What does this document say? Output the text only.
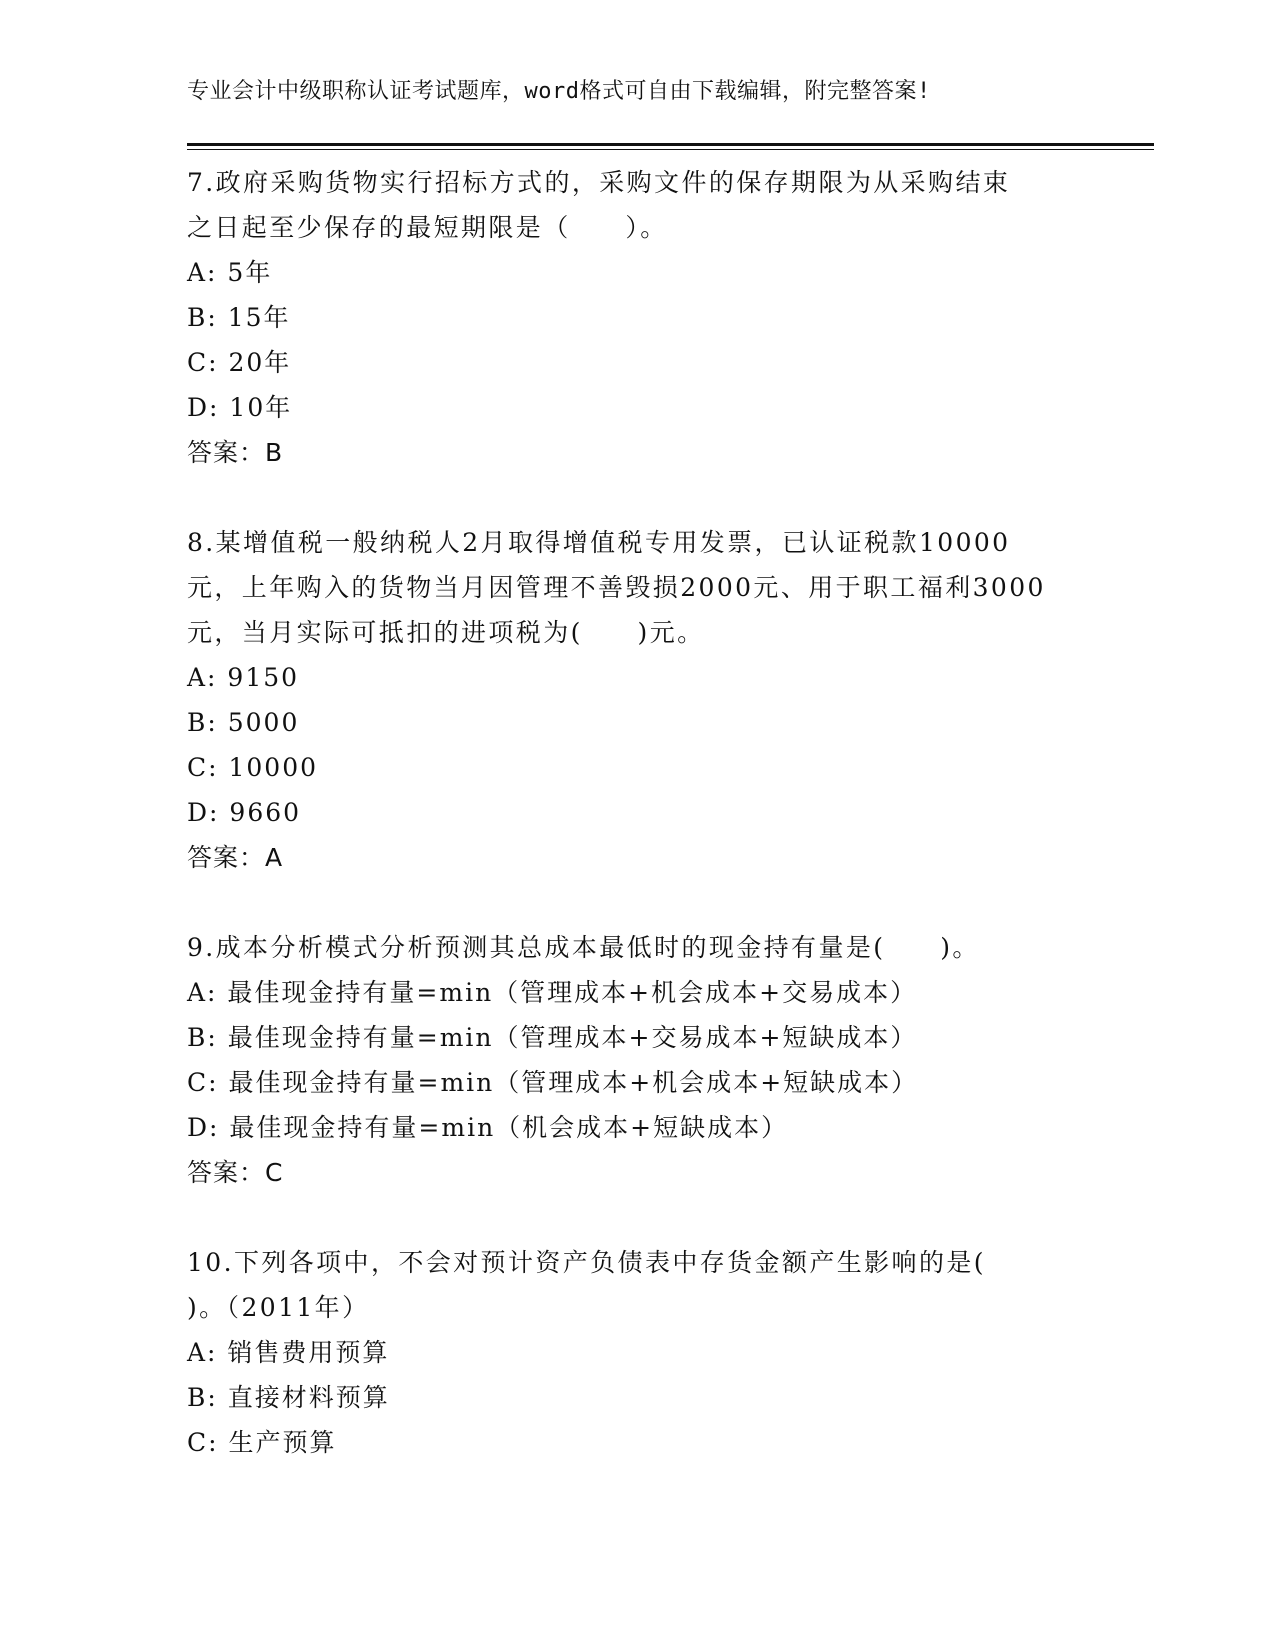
专业会计中级职称认证考试题库，word格式可自由下载编辑，附完整答案!

7.政府采购货物实行招标方式的，采购文件的保存期限为从采购结束

之日起至少保存的最短期限是（　　）。

A: 5年

B: 15年

C: 20年

D: 10年

答案：B

8.某增值税一般纳税人2月取得增值税专用发票，已认证税款10000

元，上年购入的货物当月因管理不善毁损2000元、用于职工福利3000

元，当月实际可抵扣的进项税为(　　)元。

A: 9150

B: 5000

C: 10000

D: 9660

答案：A

9.成本分析模式分析预测其总成本最低时的现金持有量是(　　)。

A: 最佳现金持有量=min（管理成本+机会成本+交易成本）

B: 最佳现金持有量=min（管理成本+交易成本+短缺成本）

C: 最佳现金持有量=min（管理成本+机会成本+短缺成本）

D: 最佳现金持有量=min（机会成本+短缺成本）

答案：C

10.下列各项中，不会对预计资产负债表中存货金额产生影响的是(

)。（2011年）

A: 销售费用预算

B: 直接材料预算

C: 生产预算
